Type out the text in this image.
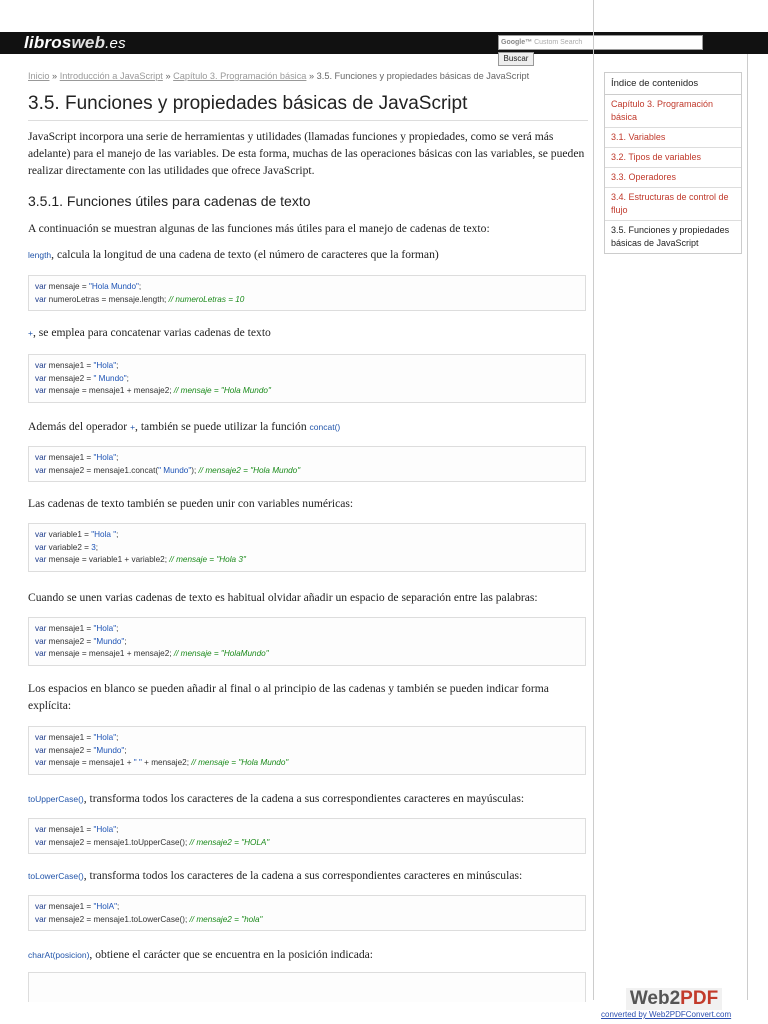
librosweb.es	Google™ Custom Search
Buscar
Inicio » Introducción a JavaScript » Capítulo 3. Programación básica » 3.5. Funciones y propiedades básicas de JavaScript
3.5. Funciones y propiedades básicas de JavaScript

JavaScript incorpora una serie de herramientas y utilidades (llamadas funciones y propiedades, como se verá más adelante) para el manejo de las variables. De esta forma, muchas de las operaciones básicas con las variables, se pueden realizar directamente con las utilidades que ofrece JavaScript.

3.5.1. Funciones útiles para cadenas de texto

A continuación se muestran algunas de las funciones más útiles para el manejo de cadenas de texto:

length, calcula la longitud de una cadena de texto (el número de caracteres que la forman)

var mensaje = "Hola Mundo";
var numeroLetras = mensaje.length; // numeroLetras = 10

+, se emplea para concatenar varias cadenas de texto

var mensaje1 = "Hola";
var mensaje2 = " Mundo";
var mensaje = mensaje1 + mensaje2; // mensaje = "Hola Mundo"

Además del operador +, también se puede utilizar la función concat()

var mensaje1 = "Hola";
var mensaje2 = mensaje1.concat(" Mundo"); // mensaje2 = "Hola Mundo"

Las cadenas de texto también se pueden unir con variables numéricas:

var variable1 = "Hola ";
var variable2 = 3;
var mensaje = variable1 + variable2; // mensaje = "Hola 3"

Cuando se unen varias cadenas de texto es habitual olvidar añadir un espacio de separación entre las palabras:

var mensaje1 = "Hola";
var mensaje2 = "Mundo";
var mensaje = mensaje1 + mensaje2; // mensaje = "HolaMundo"

Los espacios en blanco se pueden añadir al final o al principio de las cadenas y también se pueden indicar forma explícita:

var mensaje1 = "Hola";
var mensaje2 = "Mundo";
var mensaje = mensaje1 + " " + mensaje2; // mensaje = "Hola Mundo"

toUpperCase(), transforma todos los caracteres de la cadena a sus correspondientes caracteres en mayúsculas:

var mensaje1 = "Hola";
var mensaje2 = mensaje1.toUpperCase(); // mensaje2 = "HOLA"

toLowerCase(), transforma todos los caracteres de la cadena a sus correspondientes caracteres en minúsculas:

var mensaje1 = "HolA";
var mensaje2 = mensaje1.toLowerCase(); // mensaje2 = "hola"

charAt(posicion), obtiene el carácter que se encuentra en la posición indicada:

Índice de contenidos
Capítulo 3. Programación básica
3.1. Variables
3.2. Tipos de variables
3.3. Operadores
3.4. Estructuras de control de flujo
3.5. Funciones y propiedades básicas de JavaScript
Web2PDF
converted by Web2PDFConvert.com
